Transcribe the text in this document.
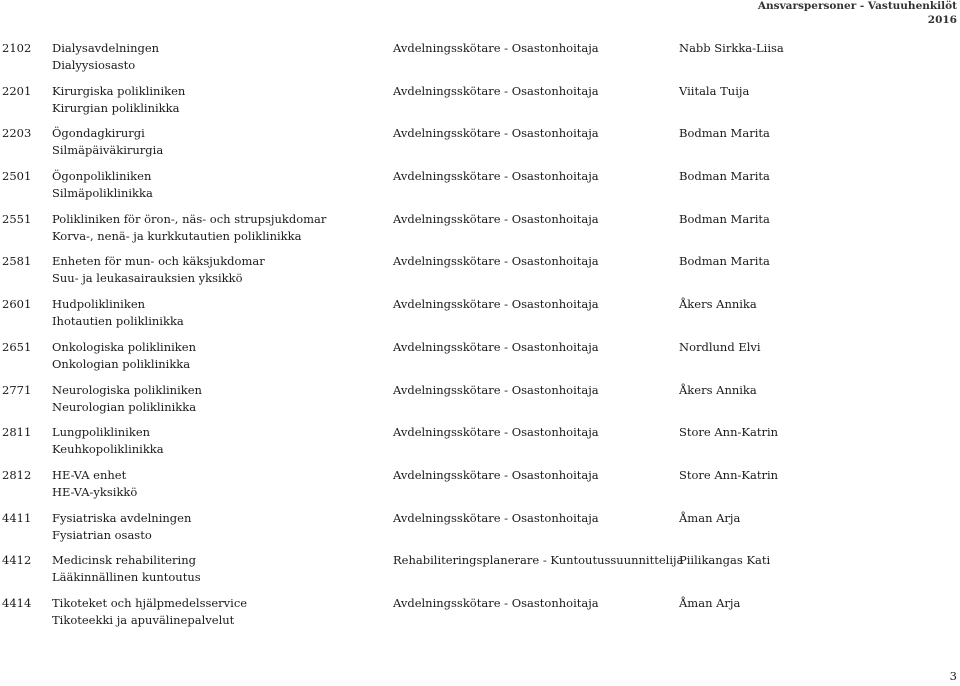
Ansvarspersoner - Vastuuhenkilöt
2016
2102 Dialysavdelningen
Dialyysiosasto
Avdelningsskötare - Osastonhoitaja	Nabb Sirkka-Liisa
2201 Kirurgiska polikliniken
Kirurgian poliklinikka
Avdelningsskötare - Osastonhoitaja	Viitala Tuija
2203 Ögondagkirurgi
Silmäpäiväkirurgia
Avdelningsskötare - Osastonhoitaja	Bodman Marita
2501 Ögonpolikliniken
Silmäpoliklinikka
Avdelningsskötare - Osastonhoitaja	Bodman Marita
2551 Polikliniken för öron-, näs- och strupsjukdomar
Korva-, nenä- ja kurkkutautien poliklinikka
Avdelningsskötare - Osastonhoitaja	Bodman Marita
2581 Enheten för mun- och käksjukdomar
Suu- ja leukasairauksien yksikkö
Avdelningsskötare - Osastonhoitaja	Bodman Marita
2601 Hudpolikliniken
Ihotautien poliklinikka
Avdelningsskötare - Osastonhoitaja	Åkers Annika
2651 Onkologiska polikliniken
Onkologian poliklinikka
Avdelningsskötare - Osastonhoitaja	Nordlund Elvi
2771 Neurologiska polikliniken
Neurologian poliklinikka
Avdelningsskötare - Osastonhoitaja	Åkers Annika
2811 Lungpolikliniken
Keuhkopoliklinikka
Avdelningsskötare - Osastonhoitaja	Store Ann-Katrin
2812 HE-VA enhet
HE-VA-yksikkö
Avdelningsskötare - Osastonhoitaja	Store Ann-Katrin
4411 Fysiatriska avdelningen
Fysiatrian osasto
Avdelningsskötare - Osastonhoitaja	Åman Arja
4412 Medicinsk rehabilitering
Lääkinnällinen kuntoutus
Rehabiliteringsplanerare - Kuntoutussuunnittelija
Piilikangas Kati
4414 Tikoteket och hjälpmedelsservice
Tikoteekki ja apuvälinepalvelut
Avdelningsskötare - Osastonhoitaja	Åman Arja
3
